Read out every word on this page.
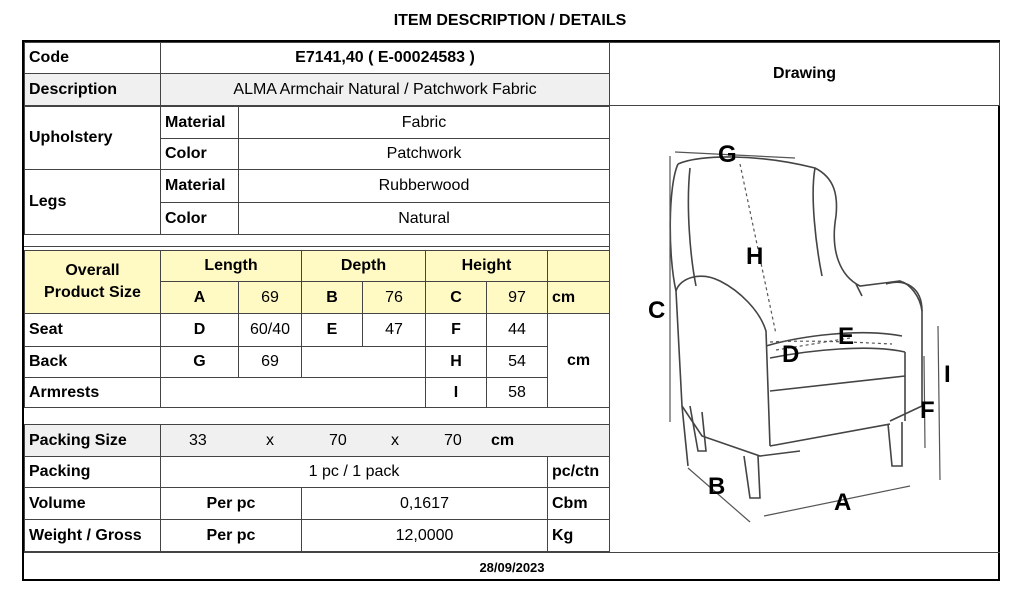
ITEM DESCRIPTION / DETAILS
Code	E7141,40 ( E-00024583 )
Description	ALMA Armchair Natural / Patchwork Fabric
Drawing
Upholstery
Material	Fabric
Color	Patchwork
Legs
Material	Rubberwood
Color	Natural
Overall
Product Size
Length	Depth	Height
A	69	B	76	C	97	cm
Seat	D	60/40	E	47	F	44
cm
Back	G	69	H	54
Armrests	I	58
Packing Size	33	x	70	x	70 cm
Packing	1 pc / 1 pack	pc/ctn
Volume	Per pc	0,1617	Cbm
Weight / Gross	Per pc	12,0000	Kg
G
H
C
E
D
I
F
B
A
28/09/2023
